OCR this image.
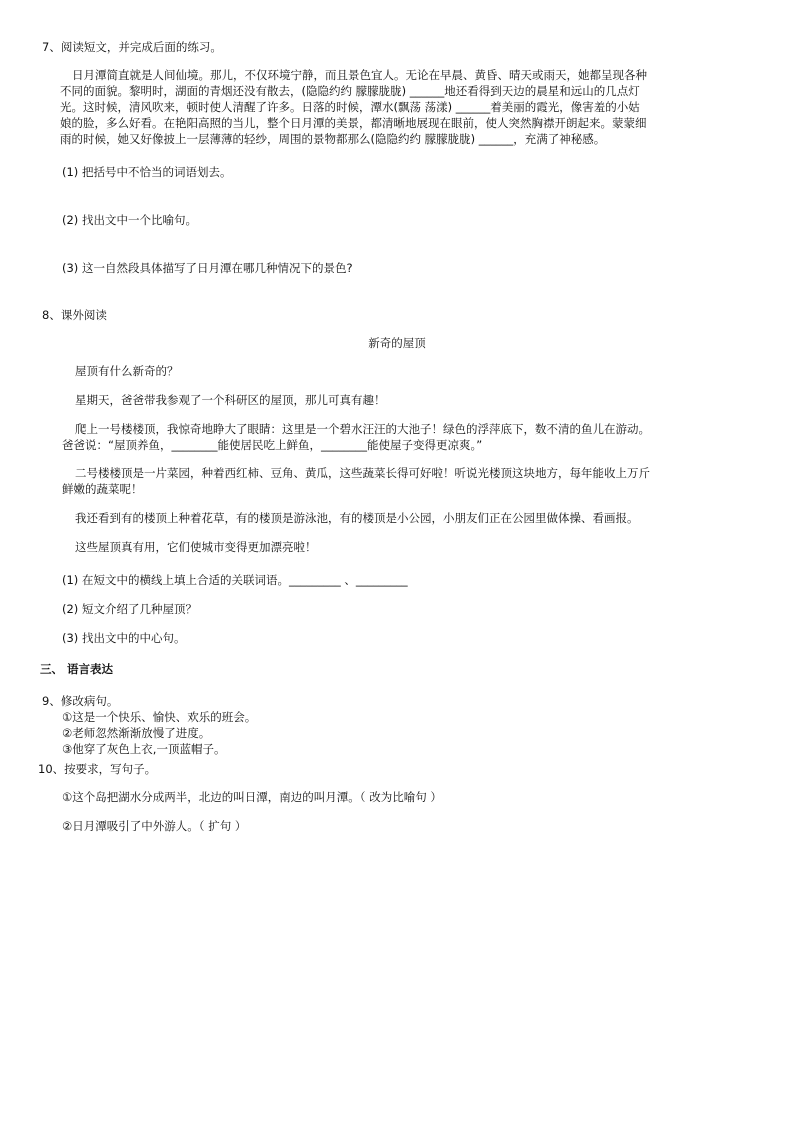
7、阅读短文，并完成后面的练习。
日月潭简直就是人间仙境。那儿，不仅环境宁静，而且景色宜人。无论在早晨、黄昏、晴天或雨天，她都呈现各种
不同的面貌。黎明时，湖面的青烟还没有散去，(隐隐约约 朦朦胧胧) ______地还看得到天边的晨星和远山的几点灯
光。这时候，清风吹来，顿时使人清醒了许多。日落的时候，潭水(飘荡 荡漾) ______着美丽的霞光，像害羞的小姑
娘的脸，多么好看。在艳阳高照的当儿，整个日月潭的美景，都清晰地展现在眼前，使人突然胸襟开朗起来。蒙蒙细
雨的时候，她又好像披上一层薄薄的轻纱，周围的景物都那么(隐隐约约 朦朦胧胧) ______，充满了神秘感。
(1) 把括号中不恰当的词语划去。
(2) 找出文中一个比喻句。
(3) 这一自然段具体描写了日月潭在哪几种情况下的景色?
8、课外阅读
新奇的屋顶
屋顶有什么新奇的？
星期天，爸爸带我参观了一个科研区的屋顶，那儿可真有趣！
爬上一号楼楼顶，我惊奇地睁大了眼睛：这里是一个碧水汪汪的大池子！绿色的浮萍底下，数不清的鱼儿在游动。
爸爸说：“屋顶养鱼，________能使居民吃上鲜鱼，________能使屋子变得更凉爽。”
二号楼楼顶是一片菜园，种着西红柿、豆角、黄瓜，这些蔬菜长得可好啦！听说光楼顶这块地方，每年能收上万斤
鲜嫩的蔬菜呢！
我还看到有的楼顶上种着花草，有的楼顶是游泳池，有的楼顶是小公园，小朋友们正在公园里做体操、看画报。
这些屋顶真有用，它们使城市变得更加漂亮啦！
(1) 在短文中的横线上填上合适的关联词语。_________ 、_________
(2) 短文介绍了几种屋顶？
(3) 找出文中的中心句。
三、 语言表达
9、修改病句。
①这是一个快乐、愉快、欢乐的班会。
②老师忽然渐渐放慢了进度。
③他穿了灰色上衣,一顶蓝帽子。
10、按要求，写句子。
①这个岛把湖水分成两半，北边的叫日潭，南边的叫月潭。（ 改为比喻句 ）
②日月潭吸引了中外游人。（ 扩句 ）
